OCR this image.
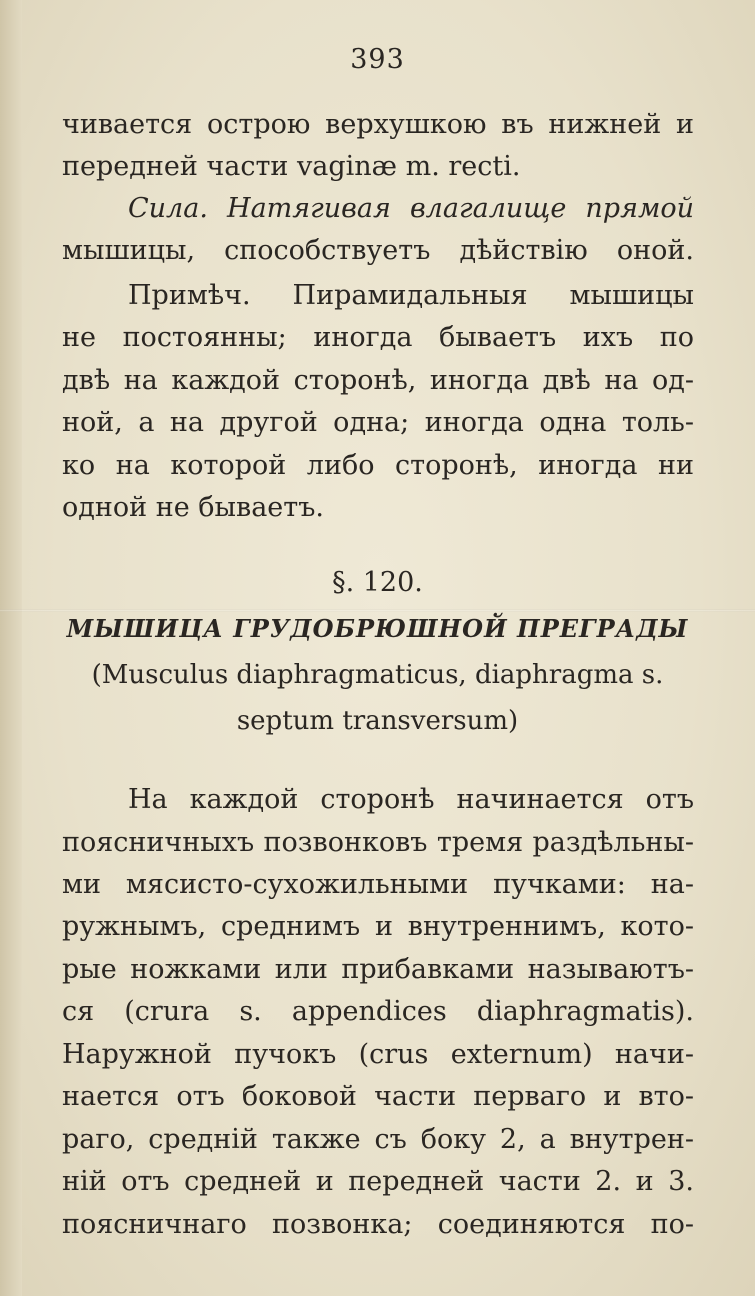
393
чивается острою верхушкою въ нижней и
передней части vaginæ m. recti.
Сила. Натягивая влагалище прямой
мышицы, способствуетъ дѣйствiю оной.
Примѣч. Пирамидальныя мышицы
не постоянны; иногда бываетъ ихъ по
двѣ на каждой сторонѣ, иногда двѣ на од-
ной, а на другой одна; иногда одна толь-
ко на которой либо сторонѣ, иногда ни
одной не бываетъ.
§. 120.
МЫШИЦА ГРУДОБРЮШНОЙ ПРЕГРАДЫ
(Musculus diaphragmaticus, diaphragma s.
septum transversum)
На каждой сторонѣ начинается отъ
поясничныхъ позвонковъ тремя раздѣльны-
ми мясисто-сухожильными пучками: на-
ружнымъ, среднимъ и внутреннимъ, кото-
рые ножками или прибавками называютъ-
ся (crura s. appendices diaphragmatis).
Наружной пучокъ (crus externum) начи-
нается отъ боковой части перваго и вто-
раго, среднiй также съ боку 2, а внутрен-
нiй отъ средней и передней части 2. и 3.
поясничнаго позвонка; соединяются по-
